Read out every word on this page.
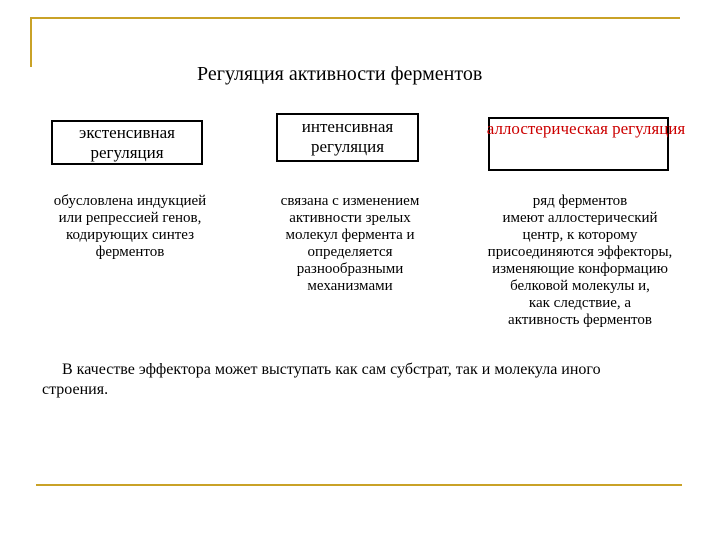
Регуляция активности ферментов
экстенсивная
регуляция
интенсивная
регуляция
аллостерическая регуляция
обусловлена индукцией
или репрессией генов,
кодирующих синтез
ферментов
связана с изменением
активности зрелых
молекул фермента и
определяется
разнообразными
механизмами
ряд ферментов
имеют аллостерический
центр, к которому
присоединяются эффекторы,
изменяющие конформацию
белковой молекулы и,
как следствие, а
активность ферментов
В качестве эффектора может выступать как сам субстрат, так и молекула иного
строения.
